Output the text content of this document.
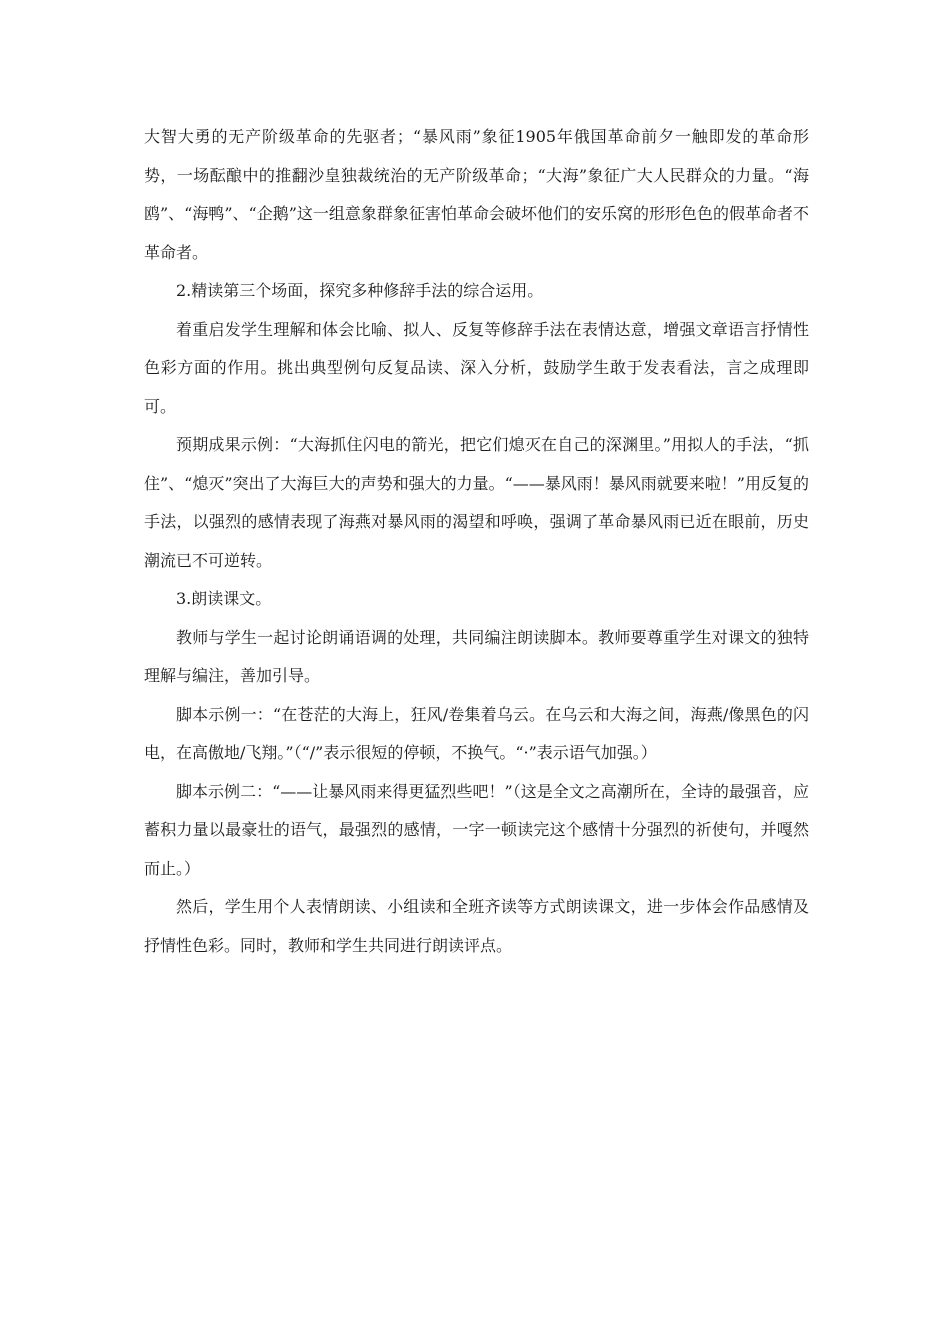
大智大勇的无产阶级革命的先驱者；“暴风雨”象征1905年俄国革命前夕一触即发的革命形势，一场酝酿中的推翻沙皇独裁统治的无产阶级革命；“大海”象征广大人民群众的力量。“海鸥”、“海鸭”、“企鹅”这一组意象群象征害怕革命会破坏他们的安乐窝的形形色色的假革命者不革命者。

2.精读第三个场面，探究多种修辞手法的综合运用。

着重启发学生理解和体会比喻、拟人、反复等修辞手法在表情达意，增强文章语言抒情性色彩方面的作用。挑出典型例句反复品读、深入分析，鼓励学生敢于发表看法，言之成理即可。

预期成果示例：“大海抓住闪电的箭光，把它们熄灭在自己的深渊里。”用拟人的手法，“抓住”、“熄灭”突出了大海巨大的声势和强大的力量。“——暴风雨！暴风雨就要来啦！”用反复的手法，以强烈的感情表现了海燕对暴风雨的渴望和呼唤，强调了革命暴风雨已近在眼前，历史潮流已不可逆转。

3.朗读课文。

教师与学生一起讨论朗诵语调的处理，共同编注朗读脚本。教师要尊重学生对课文的独特理解与编注，善加引导。

脚本示例一：“在苍茫的大海上，狂风/卷集着乌云。在乌云和大海之间，海燕/像黑色的闪电，在高傲地/飞翔。”（“/”表示很短的停顿，不换气。“·”表示语气加强。）

脚本示例二：“——让暴风雨来得更猛烈些吧！”（这是全文之高潮所在，全诗的最强音，应蓄积力量以最豪壮的语气，最强烈的感情，一字一顿读完这个感情十分强烈的祈使句，并嘎然而止。）

然后，学生用个人表情朗读、小组读和全班齐读等方式朗读课文，进一步体会作品感情及抒情性色彩。同时，教师和学生共同进行朗读评点。
